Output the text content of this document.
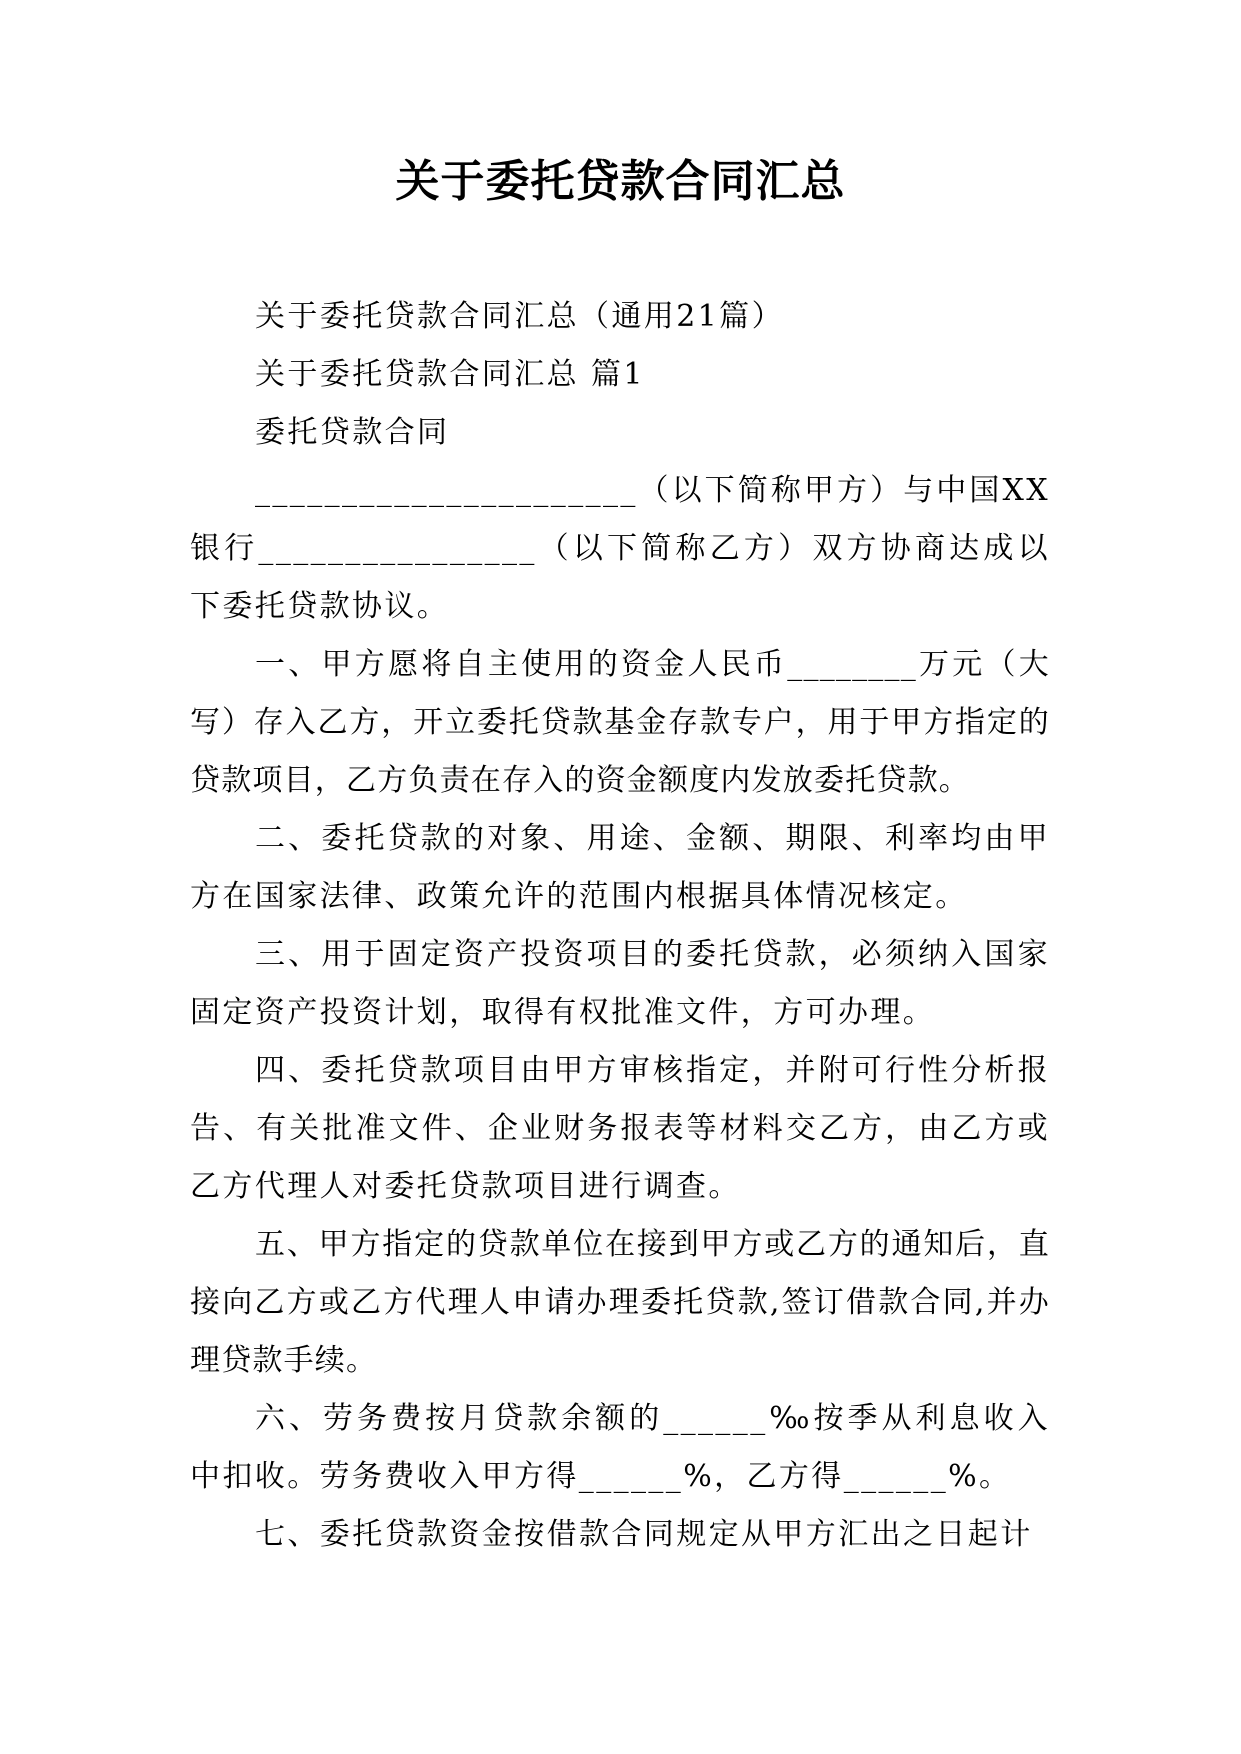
关于委托贷款合同汇总

关于委托贷款合同汇总（通用21篇）

关于委托贷款合同汇总 篇1

委托贷款合同

______________________（以下简称甲方）与中国XX银行________________（以下简称乙方）双方协商达成以下委托贷款协议。

一、甲方愿将自主使用的资金人民币________万元（大写）存入乙方，开立委托贷款基金存款专户，用于甲方指定的贷款项目，乙方负责在存入的资金额度内发放委托贷款。

二、委托贷款的对象、用途、金额、期限、利率均由甲方在国家法律、政策允许的范围内根据具体情况核定。

三、用于固定资产投资项目的委托贷款，必须纳入国家固定资产投资计划，取得有权批准文件，方可办理。

四、委托贷款项目由甲方审核指定，并附可行性分析报告、有关批准文件、企业财务报表等材料交乙方，由乙方或乙方代理人对委托贷款项目进行调查。

五、甲方指定的贷款单位在接到甲方或乙方的通知后，直接向乙方或乙方代理人申请办理委托贷款,签订借款合同,并办理贷款手续。

六、劳务费按月贷款余额的______‰按季从利息收入中扣收。劳务费收入甲方得______%，乙方得______%。

七、委托贷款资金按借款合同规定从甲方汇出之日起计
